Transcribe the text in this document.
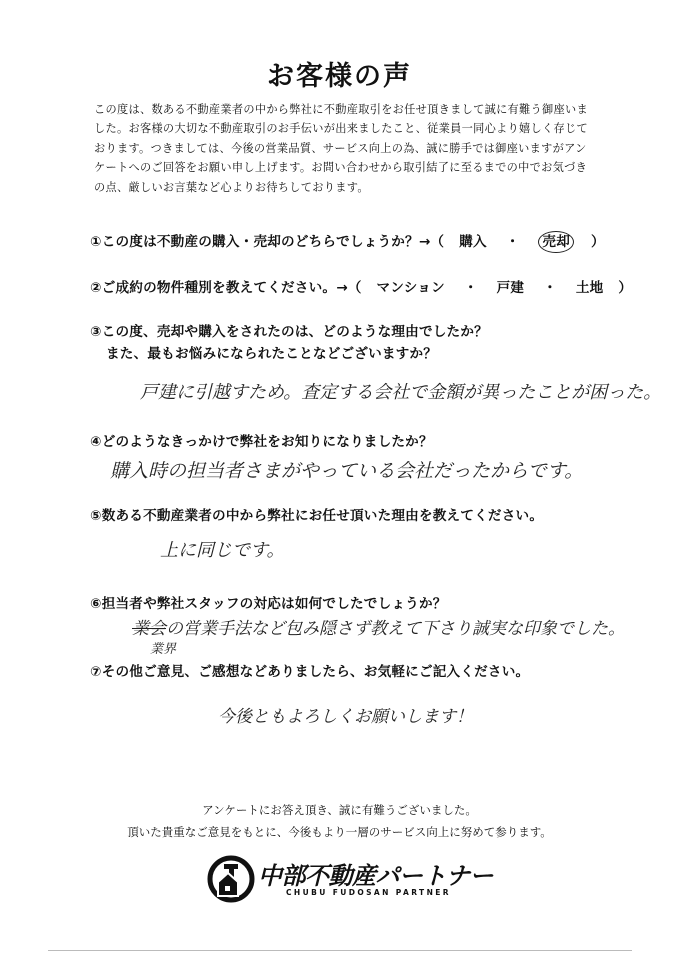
お客様の声
この度は、数ある不動産業者の中から弊社に不動産取引をお任せ頂きまして誠に有難う御座いま
した。お客様の大切な不動産取引のお手伝いが出来ましたこと、従業員一同心より嬉しく存じて
おります。つきましては、今後の営業品質、サービス向上の為、誠に勝手では御座いますがアン
ケートへのご回答をお願い申し上げます。お問い合わせから取引結了に至るまでの中でお気づき
の点、厳しいお言葉など心よりお待ちしております。
①この度は不動産の購入・売却のどちらでしょうか？→（ 購入 ・ 売却 ）
②ご成約の物件種別を教えてください。→（ マンション ・ 戸建 ・ 土地 ）
③この度、売却や購入をされたのは、どのような理由でしたか？
また、最もお悩みになられたことなどございますか？
戸建に引越すため。査定する会社で金額が異ったことが困った。
④どのようなきっかけで弊社をお知りになりましたか？
購入時の担当者さまがやっている会社だったからです。
⑤数ある不動産業者の中から弊社にお任せ頂いた理由を教えてください。
上に同じです。
⑥担当者や弊社スタッフの対応は如何でしたでしょうか？
業会の営業手法など包み隠さず教えて下さり誠実な印象でした。
業界
⑦その他ご意見、ご感想などありましたら、お気軽にご記入ください。
今後ともよろしくお願いします！
アンケートにお答え頂き、誠に有難うございました。
頂いた貴重なご意見をもとに、今後もより一層のサービス向上に努めて参ります。
中部不動産パートナー
CHUBU FUDOSAN PARTNER
